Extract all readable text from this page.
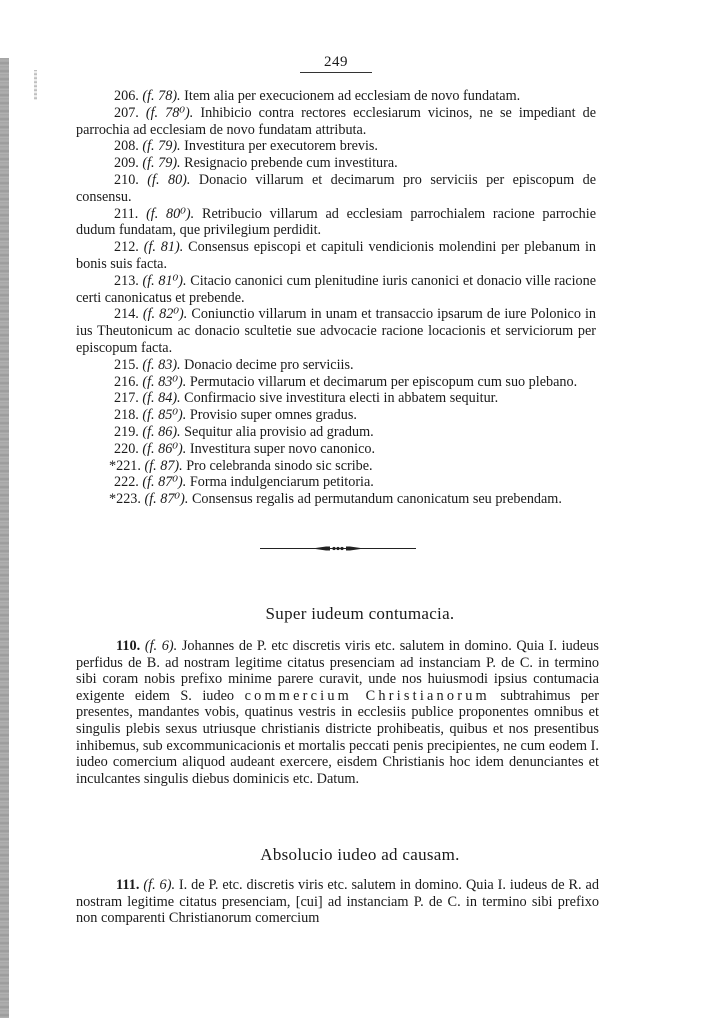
249

206. (f. 78). Item alia per execucionem ad ecclesiam de novo fundatam.

207. (f. 78⁰). Inhibicio contra rectores ecclesiarum vicinos, ne se impediant de parrochia ad ecclesiam de novo fundatam attributa.

208. (f. 79). Investitura per executorem brevis.

209. (f. 79). Resignacio prebende cum investitura.

210. (f. 80). Donacio villarum et decimarum pro serviciis per episcopum de consensu.

211. (f. 80⁰). Retribucio villarum ad ecclesiam parrochialem racione parrochie dudum fundatam, que privilegium perdidit.

212. (f. 81). Consensus episcopi et capituli vendicionis molendini per plebanum in bonis suis facta.

213. (f. 81⁰). Citacio canonici cum plenitudine iuris canonici et donacio ville racione certi canonicatus et prebende.

214. (f. 82⁰). Coniunctio villarum in unam et transaccio ipsarum de iure Polonico in ius Theutonicum ac donacio scultetie sue advocacie racione locacionis et serviciorum per episcopum facta.

215. (f. 83). Donacio decime pro serviciis.

216. (f. 83⁰). Permutacio villarum et decimarum per episcopum cum suo plebano.

217. (f. 84). Confirmacio sive investitura electi in abbatem sequitur.

218. (f. 85⁰). Provisio super omnes gradus.

219. (f. 86). Sequitur alia provisio ad gradum.

220. (f. 86⁰). Investitura super novo canonico.

*221. (f. 87). Pro celebranda sinodo sic scribe.

222. (f. 87⁰). Forma indulgenciarum petitoria.

*223. (f. 87⁰). Consensus regalis ad permutandum canonicatum seu prebendam.

Super iudeum contumacia.
110. (f. 6). Johannes de P. etc discretis viris etc. salutem in domino. Quia I. iudeus perfidus de B. ad nostram legitime citatus presenciam ad instanciam P. de C. in termino sibi coram nobis prefixo minime parere curavit, unde nos huiusmodi ipsius contumacia exigente eidem S. iudeo commercium Christianorum subtrahimus per presentes, mandantes vobis, quatinus vestris in ecclesiis publice proponentes omnibus et singulis plebis sexus utriusque christianis districte prohibeatis, quibus et nos presentibus inhibemus, sub excommunicacionis et mortalis peccati penis precipientes, ne cum eodem I. iudeo comercium aliquod audeant exercere, eisdem Christianis hoc idem denunciantes et inculcantes singulis diebus dominicis etc. Datum.
Absolucio iudeo ad causam.
111. (f. 6). I. de P. etc. discretis viris etc. salutem in domino. Quia I. iudeus de R. ad nostram legitime citatus presenciam, [cui] ad instanciam P. de C. in termino sibi prefixo non comparenti Christianorum comercium
